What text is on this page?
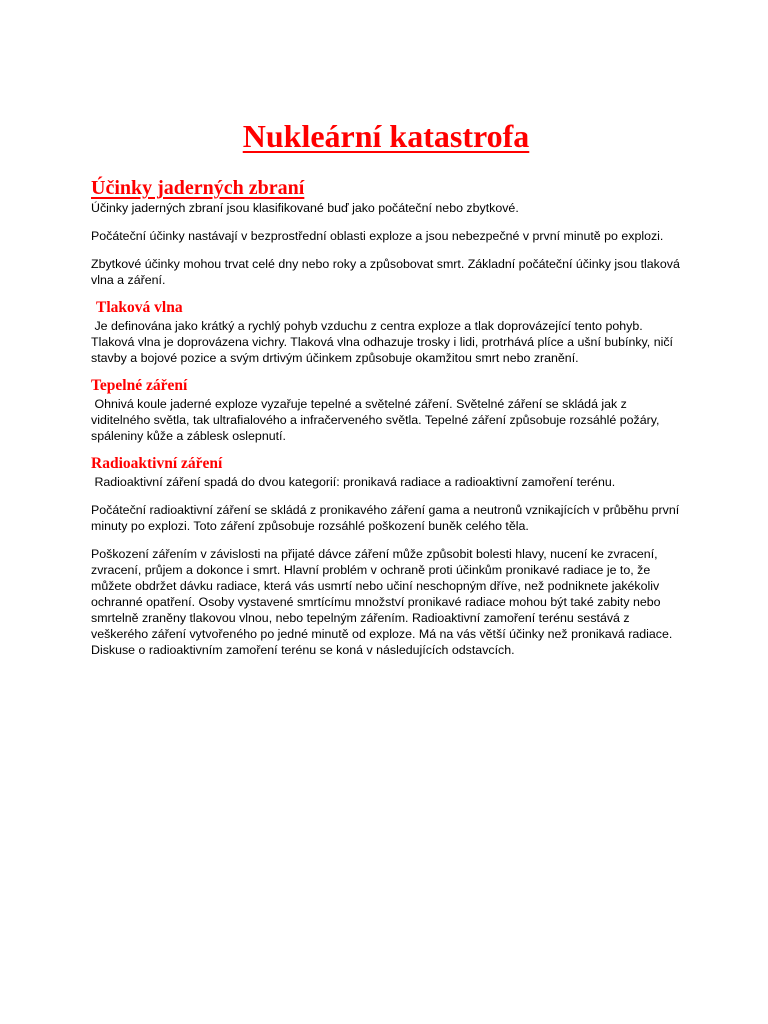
Nukleární katastrofa
Účinky jaderných zbraní

Účinky jaderných zbraní jsou klasifikované buď jako počáteční nebo zbytkové.

Počáteční účinky nastávají v bezprostřední oblasti exploze a jsou nebezpečné v první minutě po explozi.

Zbytkové účinky mohou trvat celé dny nebo roky a způsobovat smrt. Základní počáteční účinky jsou tlaková vlna a záření.

Tlaková vlna

Je definována jako krátký a rychlý pohyb vzduchu z centra exploze a tlak doprovázející tento pohyb. Tlaková vlna je doprovázena vichry. Tlaková vlna odhazuje trosky i lidi, protrhává plíce a ušní bubínky, ničí stavby a bojové pozice a svým drtivým účinkem způsobuje okamžitou smrt nebo zranění.

Tepelné záření

Ohnivá koule jaderné exploze vyzařuje tepelné a světelné záření. Světelné záření se skládá jak z viditelného světla, tak ultrafialového a infračerveného světla. Tepelné záření způsobuje rozsáhlé požáry, spáleniny kůže a záblesk oslepnutí.

Radioaktivní záření

Radioaktivní záření spadá do dvou kategorií: pronikavá radiace a radioaktivní zamoření terénu.

Počáteční radioaktivní záření se skládá z pronikavého záření gama a neutronů vznikajících v průběhu první minuty po explozi. Toto záření způsobuje rozsáhlé poškození buněk celého těla.

Poškození zářením v závislosti na přijaté dávce záření může způsobit bolesti hlavy, nucení ke zvracení, zvracení, průjem a dokonce i smrt. Hlavní problém v ochraně proti účinkům pronikavé radiace je to, že můžete obdržet dávku radiace, která vás usmrtí nebo učiní neschopným dříve, než podniknete jakékoliv ochranné opatření. Osoby vystavené smrtícímu množství pronikavé radiace mohou být také zabity nebo smrtelně zraněny tlakovou vlnou, nebo tepelným zářením. Radioaktivní zamoření terénu sestává z veškerého záření vytvořeného po jedné minutě od exploze. Má na vás větší účinky než pronikavá radiace. Diskuse o radioaktivním zamoření terénu se koná v následujících odstavcích.
